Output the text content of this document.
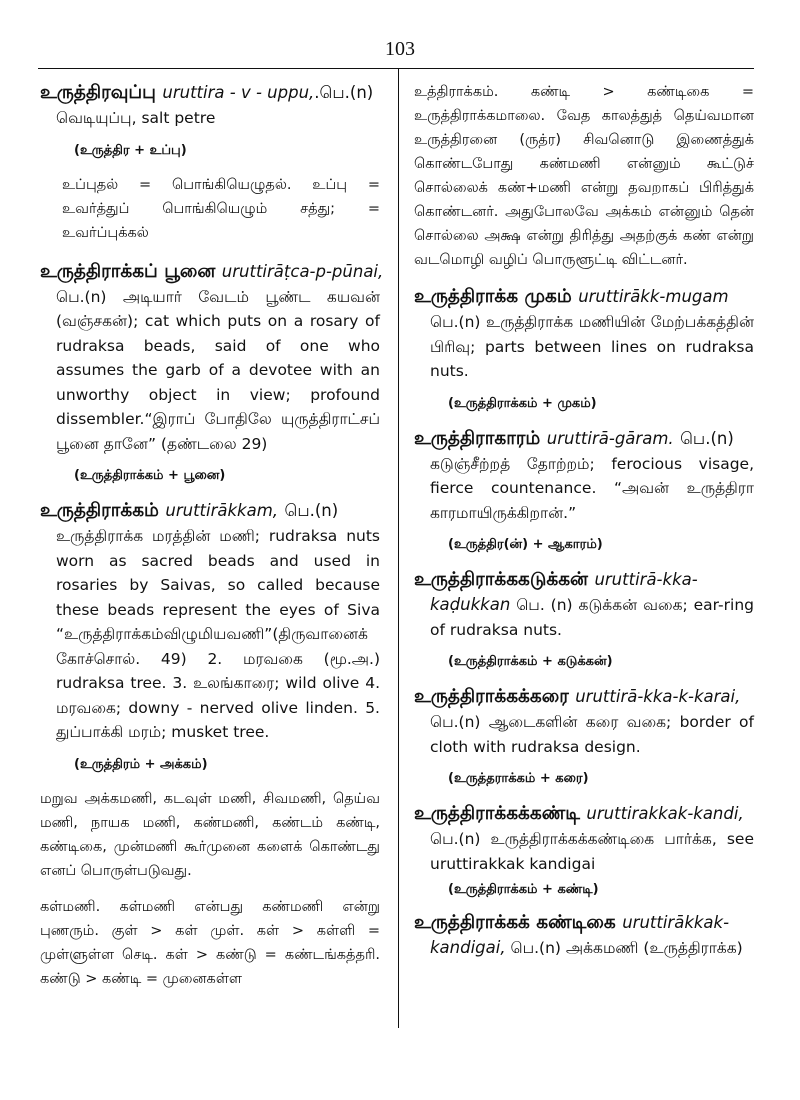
103
உருத்திரவுப்பு uruttira - v - uppu,.பெ.(n)
வெடியுப்பு, salt petre
(உருத்திர + உப்பு)
உப்புதல் = பொங்கியெழுதல். உப்பு = உவர்த்துப் பொங்கியெழும் சத்து; = உவர்ப்புக்கல்
உருத்திராக்கப் பூனை uruttirāṭca-p-pūnai,
பெ.(n) அடியார் வேடம் பூண்ட கயவன் (வஞ்சகன்); cat which puts on a rosary of rudraksa beads, said of one who assumes the garb of a devotee with an unworthy object in view; profound dissembler.“இராப் போதிலே யுருத்திராட்சப் பூனை தானே” (தண்டலை 29)
(உருத்திராக்கம் + பூனை)
உருத்திராக்கம் uruttirākkam, பெ.(n)
உருத்திராக்க மரத்தின் மணி; rudraksa nuts worn as sacred beads and used in rosaries by Saivas, so called because these beads represent the eyes of Siva “உருத்திராக்கம்விழுமியவணி”(திருவானைக் கோச்சொல். 49) 2. மரவகை (மூ.அ.) rudraksa tree. 3. உலங்காரை; wild olive 4. மரவகை; downy - nerved olive linden. 5. துப்பாக்கி மரம்; musket tree.
(உருத்திரம் + அக்கம்)
மறுவ அக்கமணி, கடவுள் மணி, சிவமணி, தெய்வ மணி, நாயக மணி, கண்மணி, கண்டம் கண்டி, கண்டிகை, முன்மணி கூர்முனை களைக் கொண்டது எனப் பொருள்படுவது.
கள்மணி. கள்மணி என்பது கண்மணி என்று புணரும். குள் > கள் முள். கள் > கள்ளி = முள்ளுள்ள செடி. கள் > கண்டு = கண்டங்கத்தரி. கண்டு > கண்டி = முனைகள்ள
உத்திராக்கம். கண்டி > கண்டிகை = உருத்திராக்கமாலை. வேத காலத்துத் தெய்வமான உருத்திரனை (ருத்ர) சிவனொடு இணைத்துக் கொண்டபோது கண்மணி என்னும் கூட்டுச் சொல்லைக் கண்+மணி என்று தவறாகப் பிரித்துக் கொண்டனர். அதுபோலவே அக்கம் என்னும் தென் சொல்லை அக்ஷ என்று திரித்து அதற்குக் கண் என்று வடமொழி வழிப் பொருளூட்டி விட்டனர்.
உருத்திராக்க முகம் uruttirākk-mugam
பெ.(n) உருத்திராக்க மணியின் மேற்பக்கத்தின் பிரிவு; parts between lines on rudraksa nuts.
(உருத்திராக்கம் + முகம்)
உருத்திராகாரம் uruttirā-gāram. பெ.(n)
கடுஞ்சீற்றத் தோற்றம்; ferocious visage, fierce countenance. “அவன் உருத்திரா காரமாயிருக்கிறான்.”
(உருத்திர(ன்) + ஆகாரம்)
உருத்திராக்ககடுக்கன் uruttirā-kka-
kaḍukkan பெ. (n) கடுக்கன் வகை; ear-ring of rudraksa nuts.
(உருத்திராக்கம் + கடுக்கன்)
உருத்திராக்கக்கரை uruttirā-kka-k-karai,
பெ.(n) ஆடைகளின் கரை வகை; border of cloth with rudraksa design.
(உருத்தராக்கம் + கரை)
உருத்திராக்கக்கண்டி uruttirakkak-kandi,
பெ.(n) உருத்திராக்கக்கண்டிகை பார்க்க, see uruttirakkak kandigai
(உருத்திராக்கம் + கண்டி)
உருத்திராக்கக் கண்டிகை uruttirākkak-
kandigai, பெ.(n) அக்கமணி (உருத்திராக்க)
